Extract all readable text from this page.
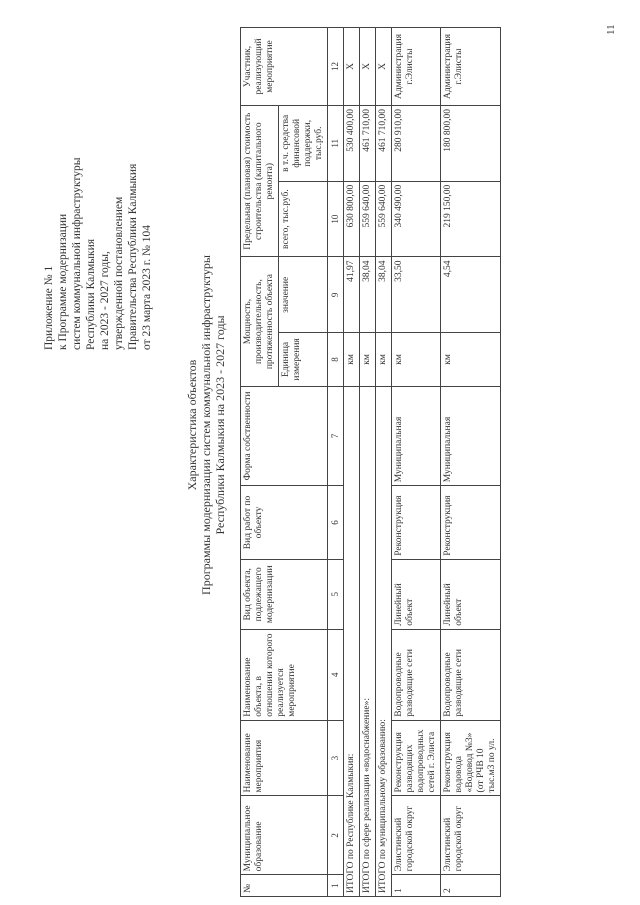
Приложение № 1 к Программе модернизации систем коммунальной инфраструктуры Республики Калмыкия на 2023 - 2027 годы, утвержденной постановлением Правительства Республики Калмыкия от 23 марта 2023 г. № 104
Характеристика объектов Программы модернизации систем коммунальной инфраструктуры Республики Калмыкия на 2023 - 2027 годы
№	Муниципальное образование	Наименование мероприятия	Наименование объекта, в отношении которого реализуется мероприятие	Вид объекта, подлежащего модернизации	Вид работ по объекту	Форма собственности	Мощность, производительность, протяженность объекта		Предельная (плановая) стоимость строительства (капитального ремонта)		Участник, реализующий мероприятие
							Единица измерения	значение	всего, тыс.руб.	в т.ч. средства финансовой поддержки, тыс.руб.	
1	2	3	4	5	6	7	8	9	10	11	12
ИТОГО по Республике Калмыкия:							км	41,97	630 800,00	530 400,00	Х
ИТОГО по сфере реализации «водоснабжение»:							км	38,04	559 640,00	461 710,00	Х
ИТОГО по муниципальному образованию:							км	38,04	559 640,00	461 710,00	Х
1	Элистинский городской округ	Реконструкция разводящих водопроводных сетей г. Элиста	Водопроводные разводящие сети	Линейный объект	Реконструкция	Муниципальная	км	33,50	340 490,00	280 910,00	Администрация г.Элисты
2	Элистинский городской округ	Реконструкция водовода «Водовод №3» (от РЧВ 10 тыс.м3 по ул.	Водопроводные разводящие сети	Линейный объект	Реконструкция	Муниципальная	км	4,54	219 150,00	180 800,00	Администрация г.Элисты
11
